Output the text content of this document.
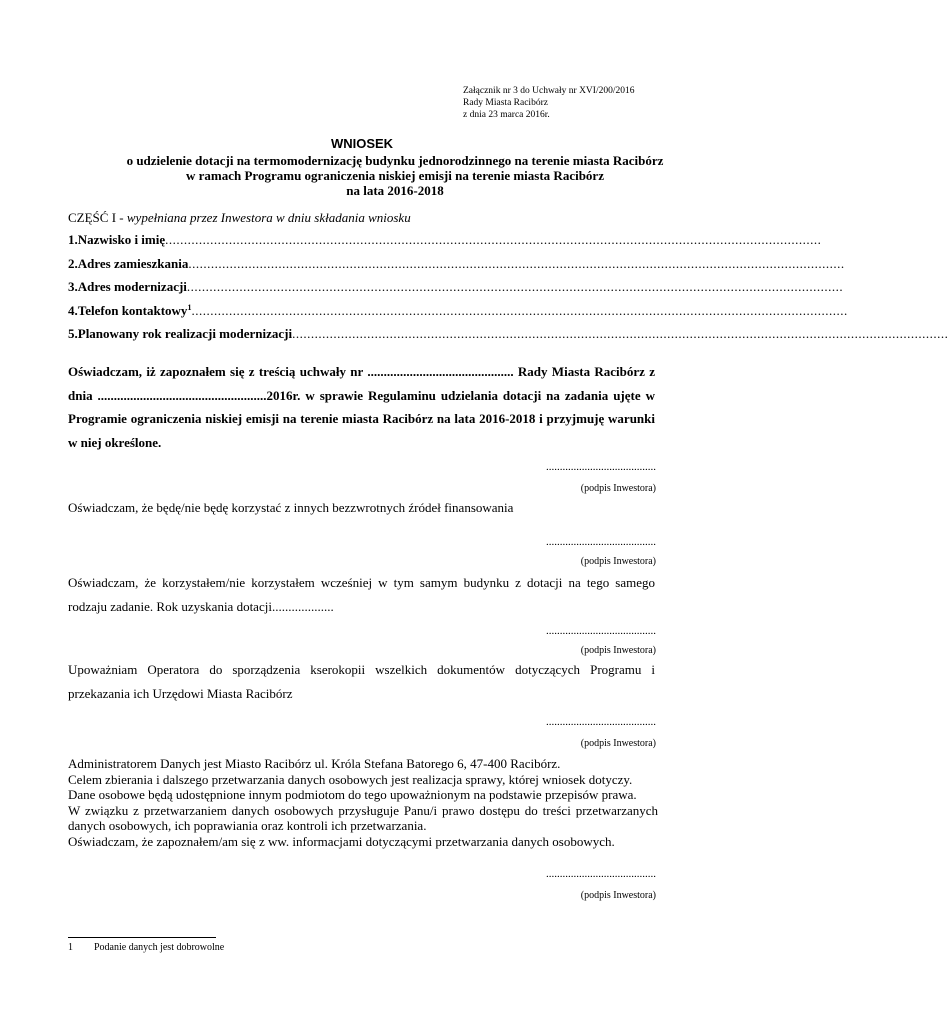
Załącznik nr 3 do Uchwały nr XVI/200/2016
Rady Miasta Racibórz
z dnia 23 marca 2016r.
WNIOSEK
o udzielenie dotacji na termomodernizację budynku jednorodzinnego na terenie miasta Racibórz
w ramach Programu ograniczenia niskiej emisji na terenie miasta Racibórz
na lata 2016-2018
CZĘŚĆ I - wypełniana przez Inwestora w dniu składania wniosku
1. Nazwisko i imię ...............................................................................................................................................................................
2. Adres zamieszkania ...............................................................................................................................................................................
3. Adres modernizacji ...............................................................................................................................................................................
4. Telefon kontaktowy 1 ...............................................................................................................................................................................
5. Planowany rok realizacji modernizacji ...............................................................................................................................................................................
Oświadczam, iż zapoznałem się z treścią uchwały nr ............................................. Rady Miasta Racibórz z dnia ....................................................2016r. w sprawie Regulaminu udzielania dotacji na zadania ujęte w Programie ograniczenia niskiej emisji na terenie miasta Racibórz na lata 2016-2018 i przyjmuję warunki w niej określone.
........................................
(podpis Inwestora)
Oświadczam, że będę/nie będę korzystać z innych bezzwrotnych źródeł finansowania
........................................
(podpis Inwestora)
Oświadczam, że korzystałem/nie korzystałem wcześniej w tym samym budynku z dotacji na tego samego rodzaju zadanie. Rok uzyskania dotacji...................
........................................
(podpis Inwestora)
Upoważniam Operatora do sporządzenia kserokopii wszelkich dokumentów dotyczących Programu i przekazania ich Urzędowi Miasta Racibórz
........................................
(podpis Inwestora)
Administratorem Danych jest Miasto Racibórz ul. Króla Stefana Batorego 6, 47-400 Racibórz.
Celem zbierania i dalszego przetwarzania danych osobowych jest realizacja sprawy, której wniosek dotyczy.
Dane osobowe będą udostępnione innym podmiotom do tego upoważnionym na podstawie przepisów prawa.
W związku z przetwarzaniem danych osobowych przysługuje Panu/i prawo dostępu do treści przetwarzanych danych osobowych, ich poprawiania oraz kontroli ich przetwarzania.
Oświadczam, że zapoznałem/am się z ww. informacjami dotyczącymi przetwarzania danych osobowych.
........................................
(podpis Inwestora)
1 Podanie danych jest dobrowolne
